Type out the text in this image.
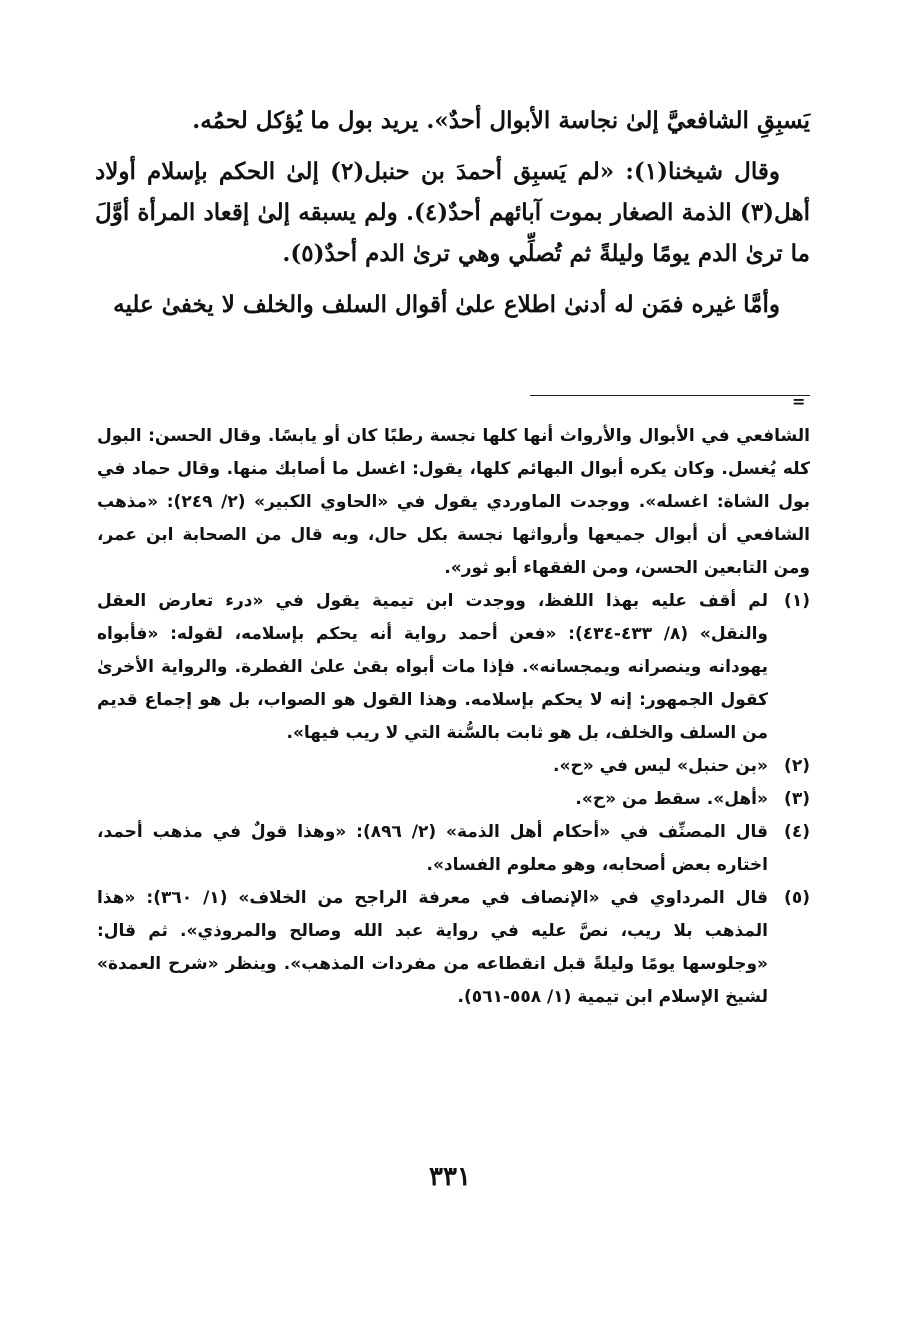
يَسبِقِ الشافعيَّ إلىٰ نجاسة الأبوال أحدٌ». يريد بول ما يُؤكل لحمُه.

وقال شيخنا(١): «لم يَسبِق أحمدَ بن حنبل(٢) إلىٰ الحكم بإسلام أولاد أهل(٣) الذمة الصغار بموت آبائهم أحدٌ(٤). ولم يسبقه إلىٰ إقعاد المرأة أوَّلَ ما ترىٰ الدم يومًا وليلةً ثم تُصلِّي وهي ترىٰ الدم أحدٌ(٥).

وأمَّا غيره فمَن له أدنىٰ اطلاع علىٰ أقوال السلف والخلف لا يخفىٰ عليه

=

الشافعي في الأبوال والأرواث أنها كلها نجسة رطبًا كان أو يابسًا. وقال الحسن: البول كله يُغسل. وكان يكره أبوال البهائم كلها، يقول: اغسل ما أصابك منها. وقال حماد في بول الشاة: اغسله». ووجدت الماوردي يقول في «الحاوي الكبير» (٢/ ٢٤٩): «مذهب الشافعي أن أبوال جميعها وأرواثها نجسة بكل حال، وبه قال من الصحابة ابن عمر، ومن التابعين الحسن، ومن الفقهاء أبو ثور».

(١)
لم أقف عليه بهذا اللفظ، ووجدت ابن تيمية يقول في «درء تعارض العقل والنقل» (٨/ ٤٣٣-٤٣٤): «فعن أحمد رواية أنه يحكم بإسلامه، لقوله: «فأبواه يهودانه وينصرانه ويمجسانه». فإذا مات أبواه بقىٰ علىٰ الفطرة. والرواية الأخرىٰ كقول الجمهور: إنه لا يحكم بإسلامه. وهذا القول هو الصواب، بل هو إجماع قديم من السلف والخلف، بل هو ثابت بالسُّنة التي لا ريب فيها».
(٢)
«بن حنبل» ليس في «ح».
(٣)
«أهل». سقط من «ح».
(٤)
قال المصنِّف في «أحكام أهل الذمة» (٢/ ٨٩٦): «وهذا قولٌ في مذهب أحمد، اختاره بعض أصحابه، وهو معلوم الفساد».
(٥)
قال المرداوي في «الإنصاف في معرفة الراجح من الخلاف» (١/ ٣٦٠): «هذا المذهب بلا ريب، نصَّ عليه في رواية عبد الله وصالح والمروذي». ثم قال: «وجلوسها يومًا وليلةً قبل انقطاعه من مفردات المذهب». وينظر «شرح العمدة» لشيخ الإسلام ابن تيمية (١/ ٥٥٨-٥٦١).
٣٣١
